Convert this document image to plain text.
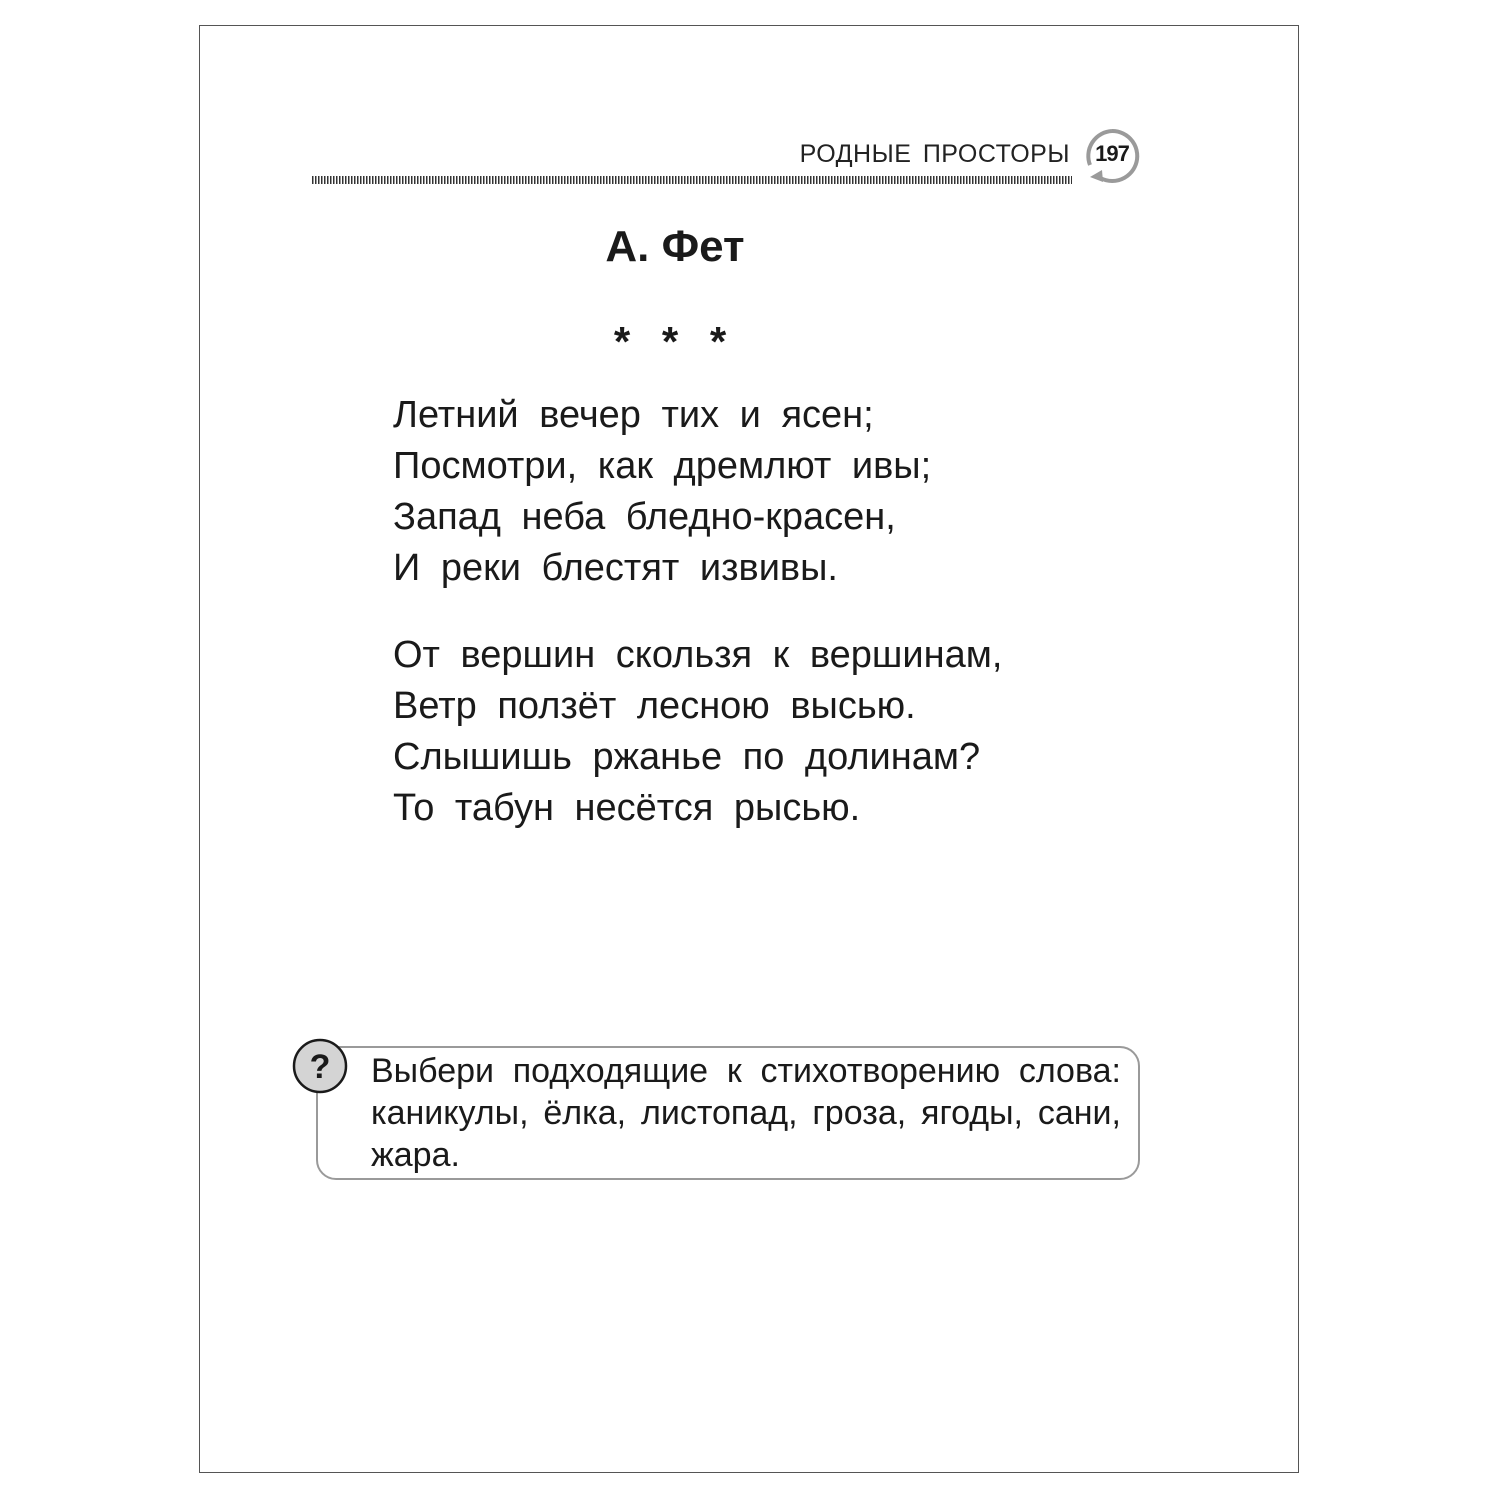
РОДНЫЕ ПРОСТОРЫ	197
А. Фет
* * *
Летний вечер тих и ясен;
Посмотри, как дремлют ивы;
Запад неба бледно-красен,
И реки блестят извивы.
От вершин скользя к вершинам,
Ветр ползёт лесною высью.
Слышишь ржанье по долинам?
То табун несётся рысью.
? Выбери подходящие к стихотворению слова: каникулы, ёлка, листопад, гроза, ягоды, сани, жара.
